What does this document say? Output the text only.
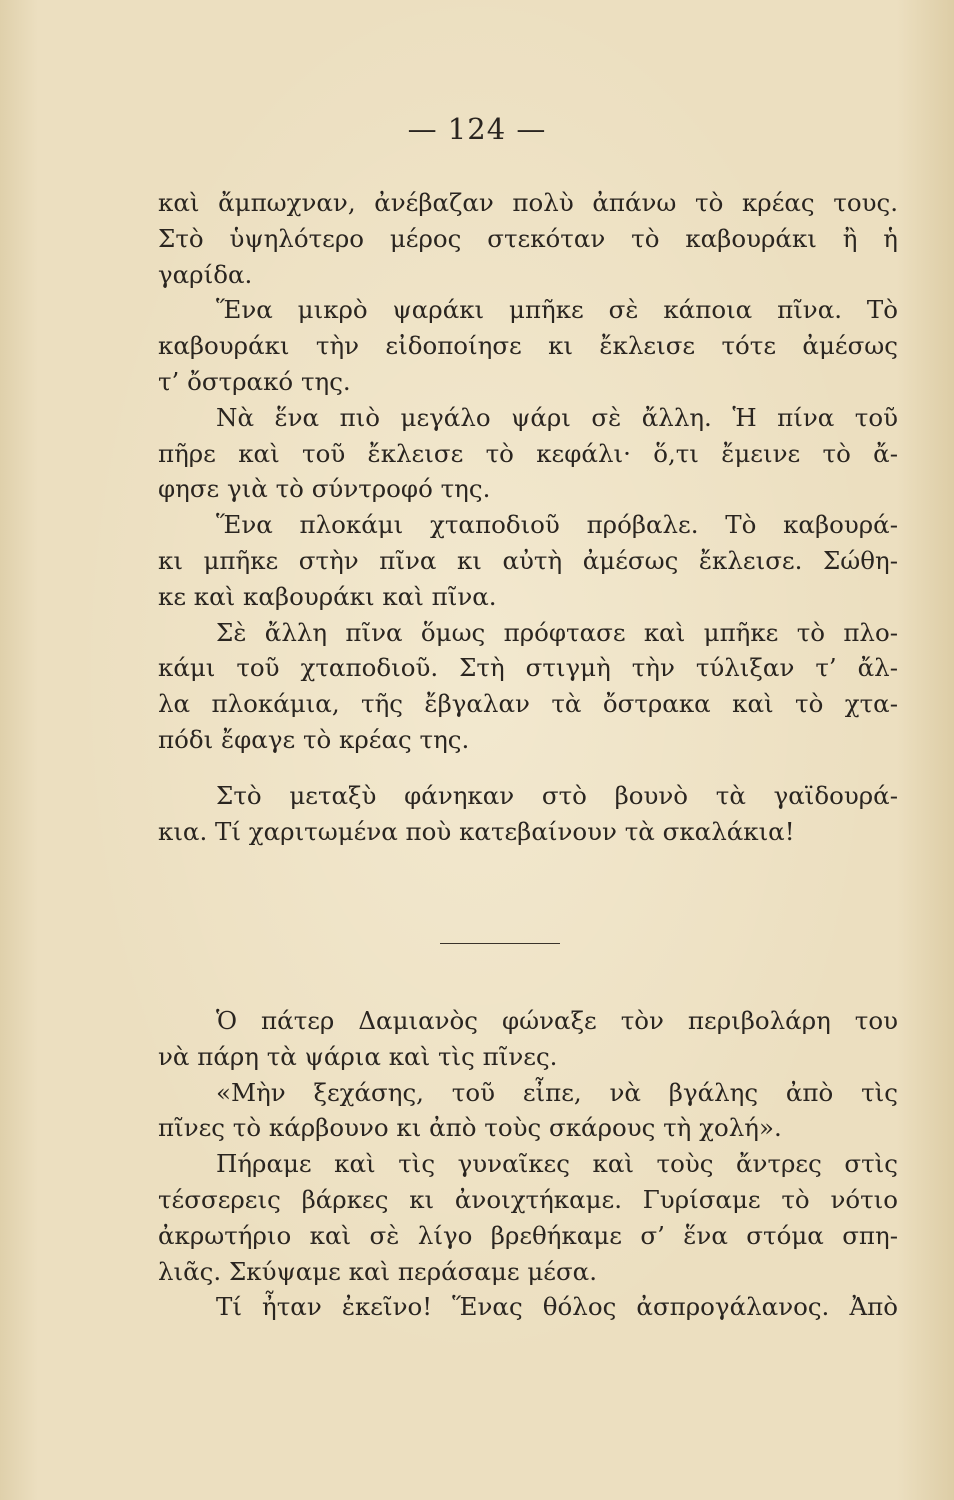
— 124 —
καὶ ἄμπωχναν, ἀνέβαζαν πολὺ ἀπάνω τὸ κρέας τους.
Στὸ ὑψηλότερο μέρος στεκόταν τὸ καβουράκι ἢ ἡ
γαρίδα.
Ἕνα μικρὸ ψαράκι μπῆκε σὲ κάποια πῖνα. Τὸ
καβουράκι τὴν εἰδοποίησε κι ἔκλεισε τότε ἀμέσως
τ’ ὄστρακό της.
Νὰ ἕνα πιὸ μεγάλο ψάρι σὲ ἄλλη. Ἡ πίνα τοῦ
πῆρε καὶ τοῦ ἔκλεισε τὸ κεφάλι· ὅ,τι ἔμεινε τὸ ἄ-
φησε γιὰ τὸ σύντροφό της.
Ἕνα πλοκάμι χταποδιοῦ πρόβαλε. Τὸ καβουρά-
κι μπῆκε στὴν πῖνα κι αὐτὴ ἀμέσως ἔκλεισε. Σώθη-
κε καὶ καβουράκι καὶ πῖνα.
Σὲ ἄλλη πῖνα ὅμως πρόφτασε καὶ μπῆκε τὸ πλο-
κάμι τοῦ χταποδιοῦ. Στὴ στιγμὴ τὴν τύλιξαν τ’ ἄλ-
λα πλοκάμια, τῆς ἔβγαλαν τὰ ὄστρακα καὶ τὸ χτα-
πόδι ἔφαγε τὸ κρέας της.
Στὸ μεταξὺ φάνηκαν στὸ βουνὸ τὰ γαϊδουρά-
κια. Τί χαριτωμένα ποὺ κατεβαίνουν τὰ σκαλάκια!
Ὁ πάτερ Δαμιανὸς φώναξε τὸν περιβολάρη του
νὰ πάρη τὰ ψάρια καὶ τὶς πῖνες.
«Μὴν ξεχάσης, τοῦ εἶπε, νὰ βγάλης ἀπὸ τὶς
πῖνες τὸ κάρβουνο κι ἀπὸ τοὺς σκάρους τὴ χολή».
Πήραμε καὶ τὶς γυναῖκες καὶ τοὺς ἄντρες στὶς
τέσσερεις βάρκες κι ἀνοιχτήκαμε. Γυρίσαμε τὸ νότιο
ἀκρωτήριο καὶ σὲ λίγο βρεθήκαμε σ’ ἕνα στόμα σπη-
λιᾶς. Σκύψαμε καὶ περάσαμε μέσα.
Τί ἦταν ἐκεῖνο! Ἕνας θόλος ἀσπρογάλανος. Ἀπὸ
